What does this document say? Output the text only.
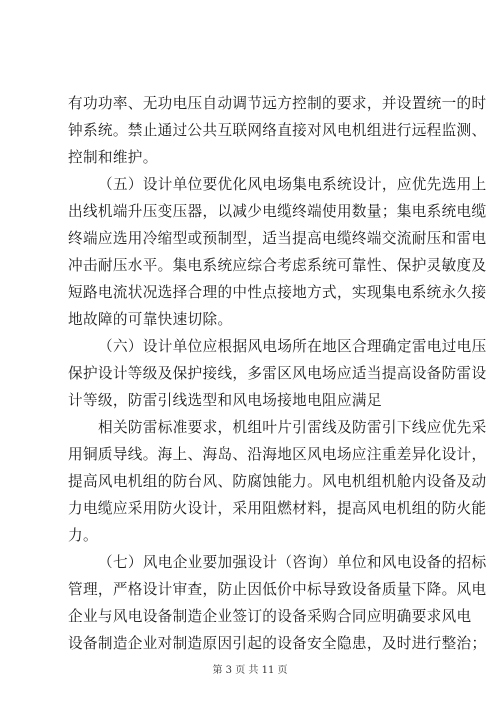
有功功率、无功电压自动调节远方控制的要求，并设置统一的时
钟系统。禁止通过公共互联网络直接对风电机组进行远程监测、
控制和维护。
（五）设计单位要优化风电场集电系统设计，应优先选用上
出线机端升压变压器，以减少电缆终端使用数量；集电系统电缆
终端应选用冷缩型或预制型，适当提高电缆终端交流耐压和雷电
冲击耐压水平。集电系统应综合考虑系统可靠性、保护灵敏度及
短路电流状况选择合理的中性点接地方式，实现集电系统永久接
地故障的可靠快速切除。
（六）设计单位应根据风电场所在地区合理确定雷电过电压
保护设计等级及保护接线，多雷区风电场应适当提高设备防雷设
计等级，防雷引线选型和风电场接地电阻应满足
相关防雷标准要求，机组叶片引雷线及防雷引下线应优先采
用铜质导线。海上、海岛、沿海地区风电场应注重差异化设计，
提高风电机组的防台风、防腐蚀能力。风电机组机舱内设备及动
力电缆应采用防火设计，采用阻燃材料，提高风电机组的防火能
力。
（七）风电企业要加强设计（咨询）单位和风电设备的招标
管理，严格设计审查，防止因低价中标导致设备质量下降。风电
企业与风电设备制造企业签订的设备采购合同应明确要求风电
设备制造企业对制造原因引起的设备安全隐患，及时进行整治；
第 3 页 共 11 页
